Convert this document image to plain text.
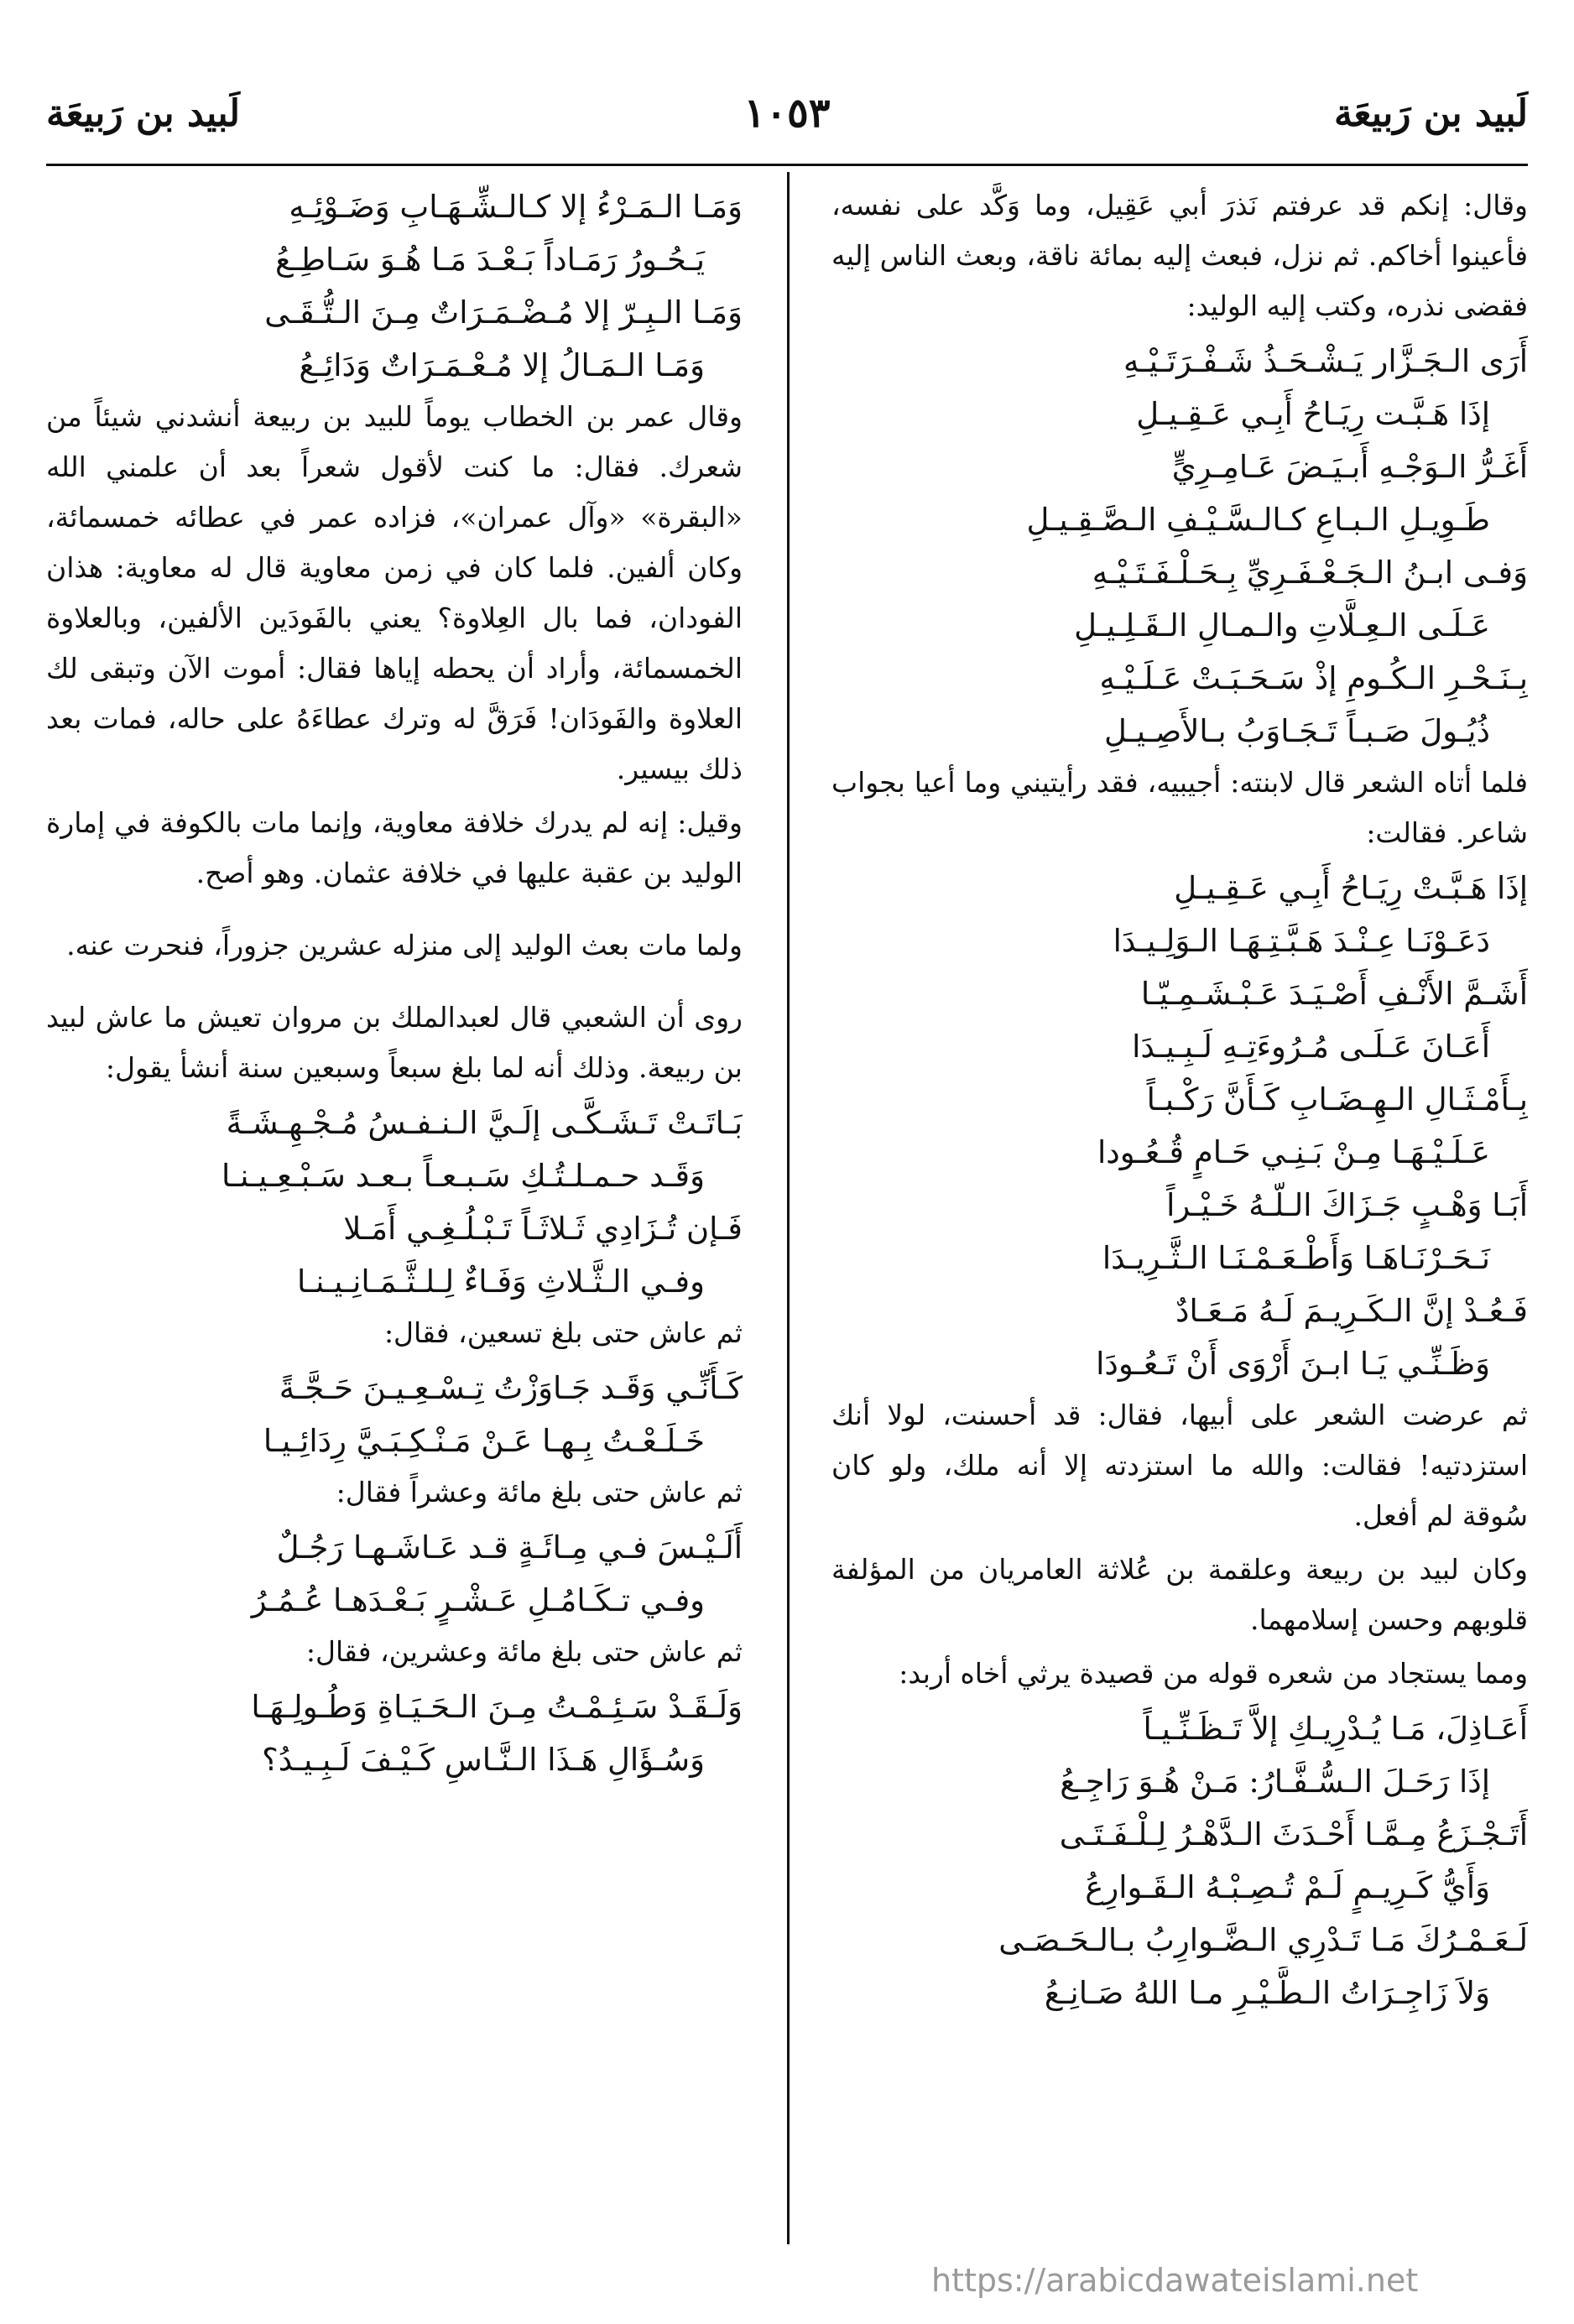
لَبيد بن رَبيعَة
١٠٥٣
لَبيد بن رَبيعَة
وقال: إنكم قد عرفتم نَذرَ أبي عَقِيل، وما وَكَّد على نفسه، فأعينوا أخاكم. ثم نزل، فبعث إليه بمائة ناقة، وبعث الناس إليه فقضى نذره، وكتب إليه الوليد:
أَرَى الـجَـزَّار يَـشْـحَـذُ شَـفْـرَتَـيْـهِ
إذَا هَـبَّـت رِيَـاحُ أَبِـي عَـقِـيـلِ
أَغَـرُّ الـوَجْـهِ أَبـيَـضَ عَـامِـرِيٍّ
طَـوِيـلِ الـبـاعِ كـالـسَّـيْـفِ الـصَّـقِـيـلِ
وَفـى ابـنُ الـجَـعْـفَـرِيِّ بِـحَـلْـفَـتَـيْـهِ
عَـلَـى الـعِـلَّاتِ والـمـالِ الـقَـلِـيـلِ
بِـنَـحْـرِ الـكُـومِ إذْ سَـحَـبَـتْ عَـلَـيْـهِ
ذُيُـولَ صَـبـاً تَـجَـاوَبُ بـالأَصِـيـلِ
فلما أتاه الشعر قال لابنته: أجيبيه، فقد رأيتيني وما أعيا بجواب شاعر. فقالت:
إذَا هَـبَّـتْ رِيَـاحُ أَبِـي عَـقِـيـلِ
دَعَـوْنَـا عِـنْـدَ هَـبَّـتِـهَـا الـوَلِـيـدَا
أَشَـمَّ الأَنْـفِ أَصْـيَـدَ عَـبْـشَـمِـيّـا
أَعَـانَ عَـلَـى مُـرُوءَتِـهِ لَـبِـيـدَا
بِـأَمْـثَـالِ الـهِـضَـابِ كَـأَنَّ رَكْـبـاً
عَـلَـيْـهَـا مِـنْ بَـنِـي حَـامٍ قُـعُـودا
أَبَـا وَهْـبٍ جَـزَاكَ الـلّـهُ خَـيْـراً
نَـحَـرْنَـاهَـا وَأَطْـعَـمْـنَـا الـثَّـرِيـدَا
فَـعُـدْ إنَّ الـكَـرِيـمَ لَـهُ مَـعَـادٌ
وَظَـنِّـي يَـا ابـنَ أَرْوَى أَنْ تَـعُـودَا
ثم عرضت الشعر على أبيها، فقال: قد أحسنت، لولا أنك استزدتيه! فقالت: والله ما استزدته إلا أنه ملك، ولو كان سُوقة لم أفعل.
وكان لبيد بن ربيعة وعلقمة بن عُلاثة العامريان من المؤلفة قلوبهم وحسن إسلامهما.
ومما يستجاد من شعره قوله من قصيدة يرثي أخاه أربد:
أَعَـاذِلَ، مَـا يُـدْرِيـكِ إلاَّ تَـظَـنِّـيـاً
إذَا رَحَـلَ الـسُّـفَّـارُ: مَـنْ هُـوَ رَاجِـعُ
أَتَـجْـزَعُ مِـمَّـا أَحْـدَثَ الـدَّهْـرُ لِـلْـفَـتَـى
وَأَيُّ كَـرِيـمٍ لَـمْ تُـصِـبْـهُ الـقَـوارِعُ
لَـعَـمْـرُكَ مَـا تَـدْرِي الـضَّـوارِبُ بـالـحَـصَـى
وَلاَ زَاجِـرَاتُ الـطَّـيْـرِ مـا اللهُ صَـانِـعُ
وَمَـا الـمَـرْءُ إلا كـالـشِّـهَـابِ وَضَـوْئِـهِ
يَـحُـورُ رَمَـاداً بَـعْـدَ مَـا هُـوَ سَـاطِـعُ
وَمَـا الـبِـرّ إلا مُـضْـمَـرَاتٌ مِـنَ الـتُّـقَـى
وَمَـا الـمَـالُ إلا مُـعْـمَـرَاتٌ وَدَائِـعُ
وقال عمر بن الخطاب يوماً للبيد بن ربيعة أنشدني شيئاً من شعرك. فقال: ما كنت لأقول شعراً بعد أن علمني الله «البقرة» «وآل عمران»، فزاده عمر في عطائه خمسمائة، وكان ألفين. فلما كان في زمن معاوية قال له معاوية: هذان الفودان، فما بال العِلاوة؟ يعني بالفَودَين الألفين، وبالعلاوة الخمسمائة، وأراد أن يحطه إياها فقال: أموت الآن وتبقى لك العلاوة والفَودَان! فَرَقَّ له وترك عطاءَهُ على حاله، فمات بعد ذلك بيسير.
وقيل: إنه لم يدرك خلافة معاوية، وإنما مات بالكوفة في إمارة الوليد بن عقبة عليها في خلافة عثمان. وهو أصح.
ولما مات بعث الوليد إلى منزله عشرين جزوراً، فنحرت عنه.
روى أن الشعبي قال لعبدالملك بن مروان تعيش ما عاش لبيد بن ربيعة. وذلك أنه لما بلغ سبعاً وسبعين سنة أنشأ يقول:
بَـاتَـتْ تَـشَـكَّـى إلَـيَّ الـنـفـسُ مُـجْـهِـشَـةً
وَقَـد حـمـلـتُـكِ سَـبـعـاً بـعـد سَـبْـعِـيـنـا
فَـإن تُـزَادِي ثَـلاثَـاً تَـبْـلُـغِـي أَمَـلا
وفـي الـثَّـلاثِ وَفَـاءٌ لِـلـثَّـمَـانِـيـنـا
ثم عاش حتى بلغ تسعين، فقال:
كَـأَنِّـي وَقَـد جَـاوَزْتُ تِـسْـعِـيـنَ حَـجَّـةً
خَـلَـعْـتُ بِـهـا عَـنْ مَـنْـكِـبَـيَّ رِدَائِـيـا
ثم عاش حتى بلغ مائة وعشراً فقال:
أَلَـيْـسَ فـي مِـائَـةٍ قـد عَـاشَـهـا رَجُـلٌ
وفـي تـكَـامُـلِ عَـشْـرٍ بَـعْـدَهـا عُـمُـرُ
ثم عاش حتى بلغ مائة وعشرين، فقال:
وَلَـقَـدْ سَـئِـمْـتُ مِـنَ الـحَـيَـاةِ وَطُـولِـهَـا
وَسُـؤَالِ هَـذَا الـنَّـاسِ كَـيْـفَ لَـبِـيـدُ؟
https://arabicdawateislami.net
